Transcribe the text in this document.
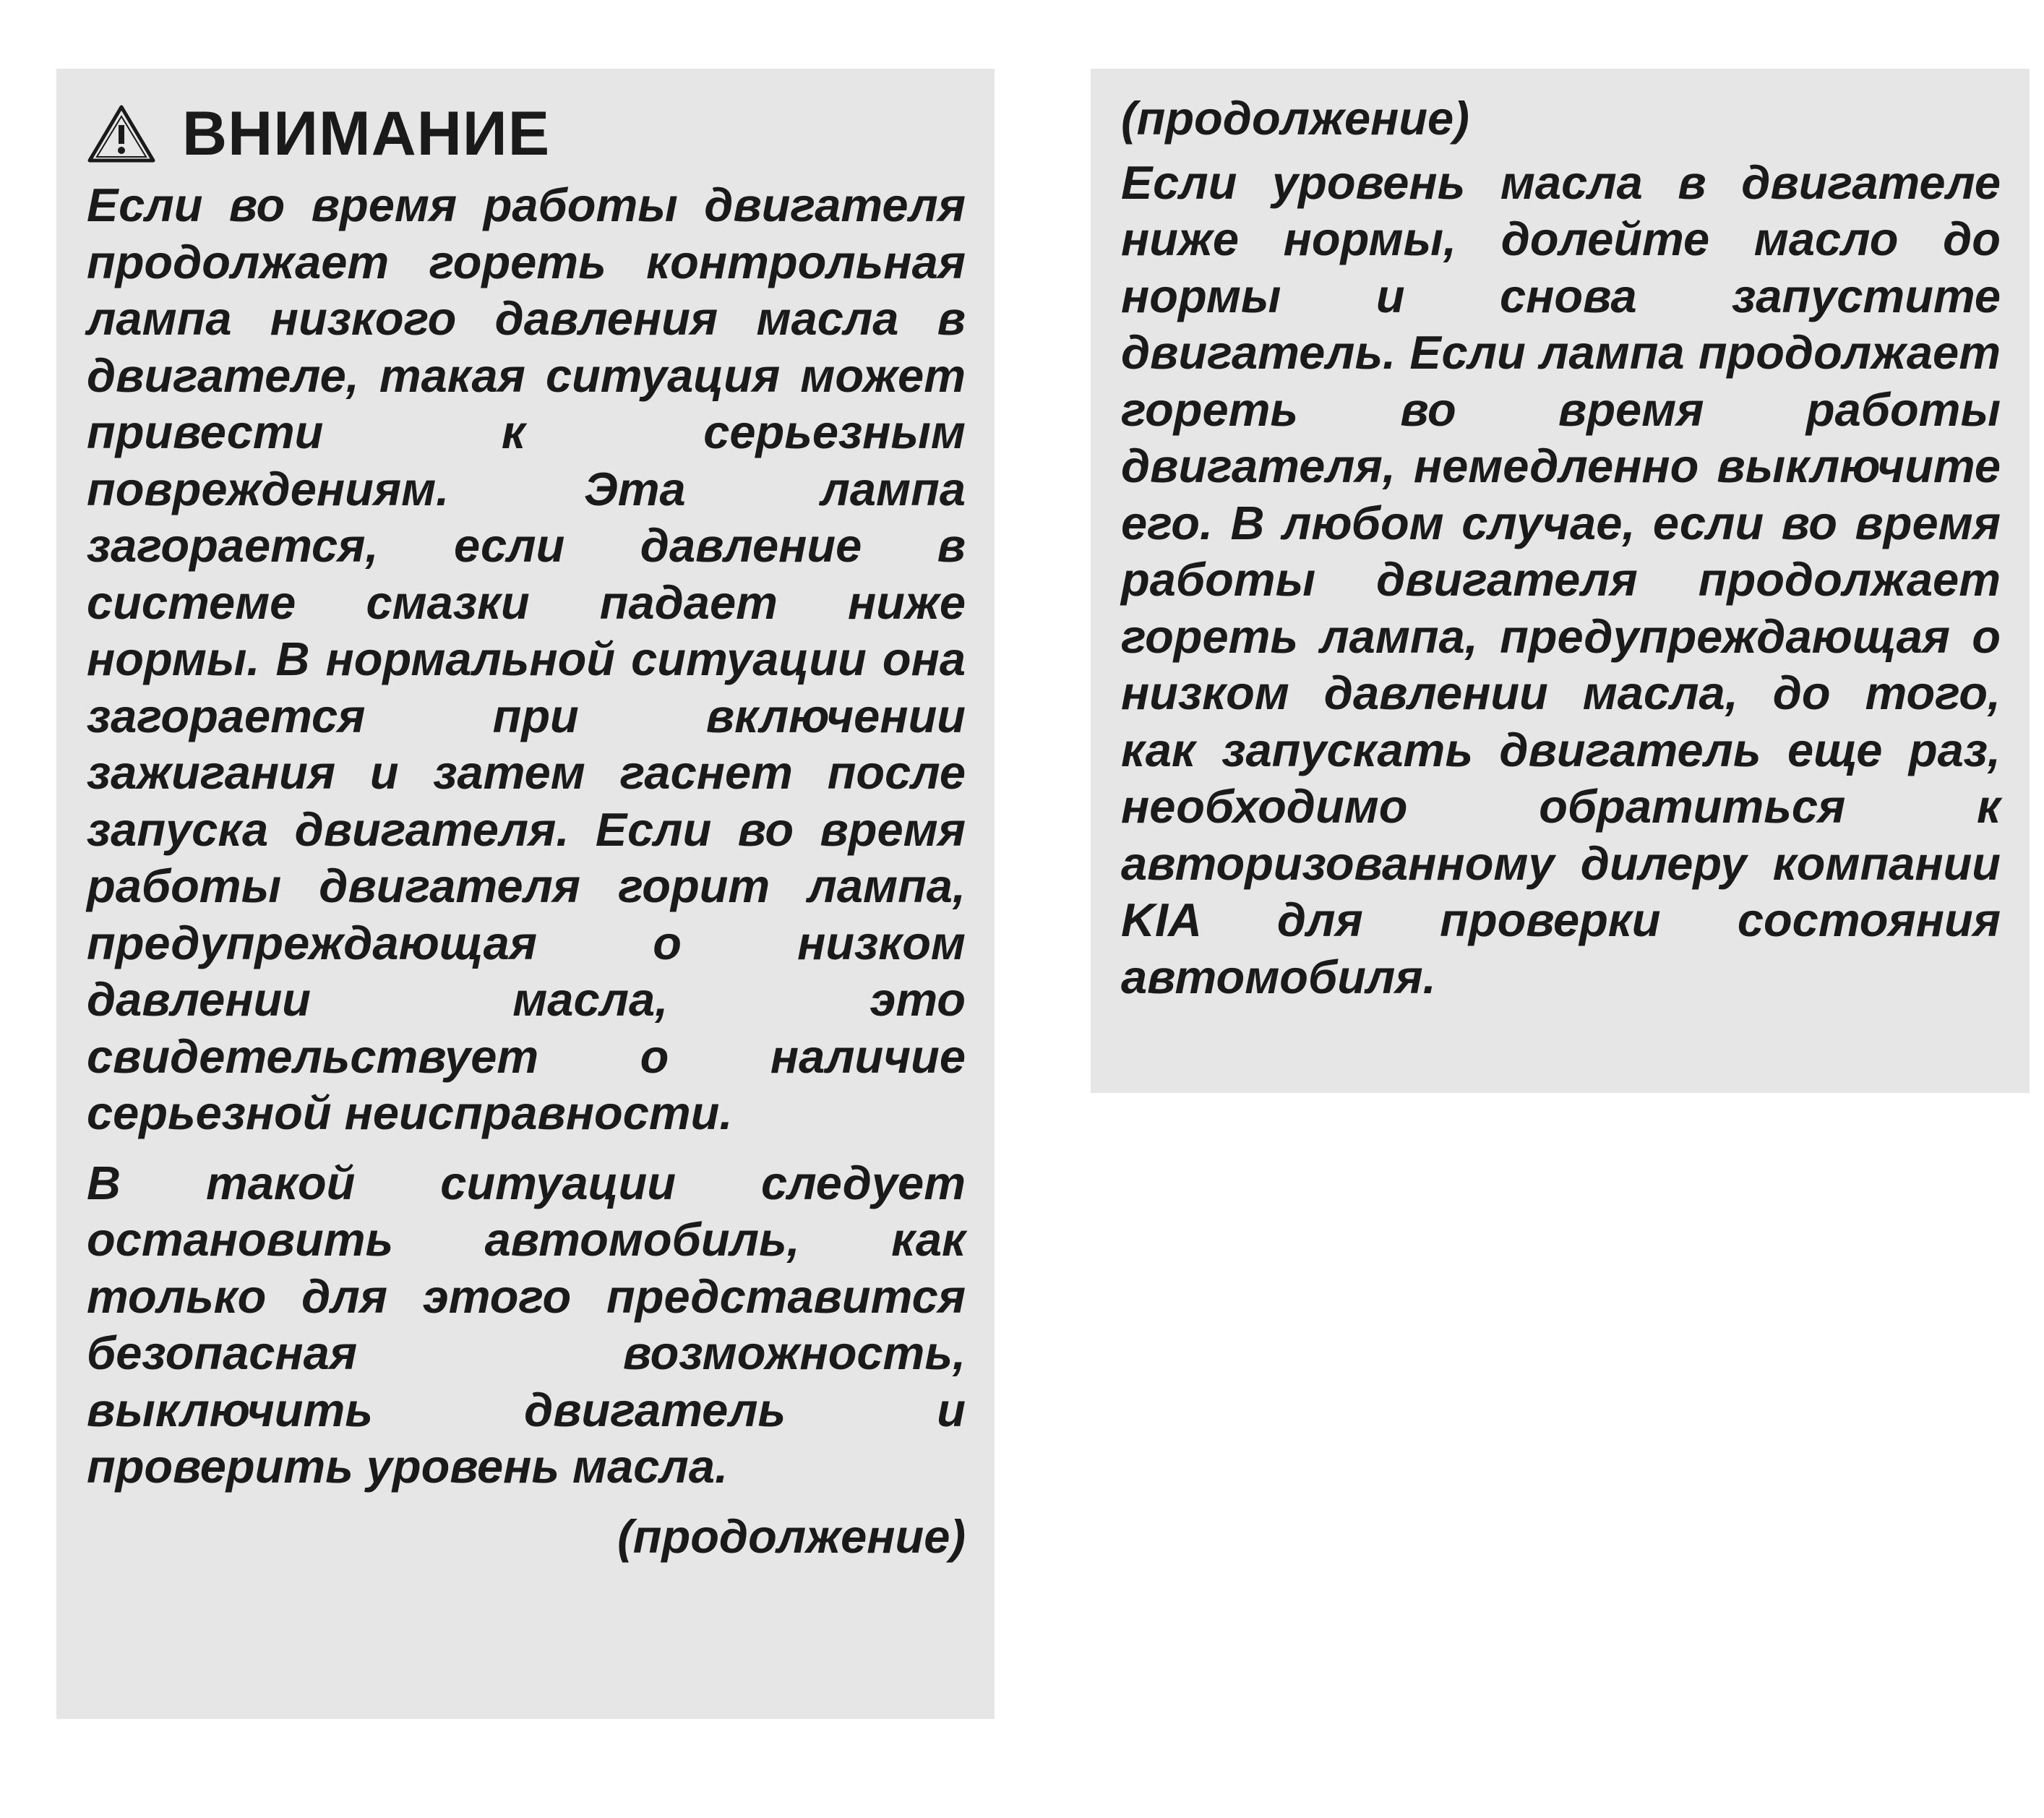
ВНИМАНИЕ

Если во время работы двигателя продолжает гореть контрольная лампа низкого давления масла в двигателе, такая ситуация может привести к серьезным повреждениям. Эта лампа загорается, если давление в системе смазки падает ниже нормы. В нормальной ситуации она загорается при включении зажигания и затем гаснет после запуска двигателя. Если во время работы двигателя горит лампа, предупреждающая о низком давлении масла, это свидетельствует о наличие серьезной неисправности.

В такой ситуации следует остановить автомобиль, как только для этого представится безопасная возможность, выключить двигатель и проверить уровень масла.

(продолжение)
(продолжение)

Если уровень масла в двигателе ниже нормы, долейте масло до нормы и снова запустите двигатель. Если лампа продолжает гореть во время работы двигателя, немедленно выключите его. В любом случае, если во время работы двигателя продолжает гореть лампа, предупреждающая о низком давлении масла, до того, как запускать двигатель еще раз, необходимо обратиться к авторизованному дилеру компании KIA для проверки состояния автомобиля.
